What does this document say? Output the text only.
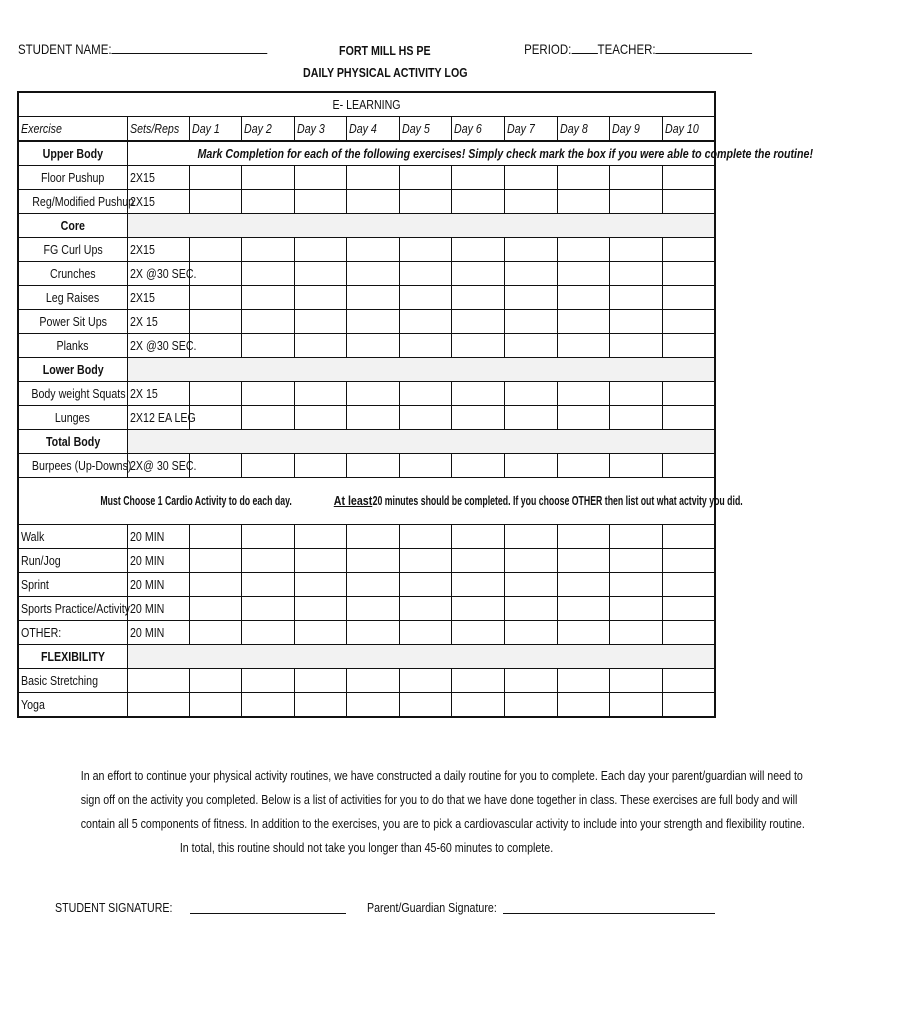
STUDENT NAME:	FORT MILL HS PE
DAILY PHYSICAL ACTIVITY LOG
PERIOD: TEACHER:
E- LEARNING											
Exercise	Sets/Reps	Day 1	Day 2	Day 3	Day 4	Day 5	Day 6	Day 7	Day 8	Day 9	Day 10
Upper Body	Mark Completion for each of the following exercises! Simply check mark the box if you were able to complete the routine!										
Floor Pushup	2X15										
Reg/Modified Pushup	2X15										
Core											
FG Curl Ups	2X15										
Crunches	2X @30 SEC.										
Leg Raises	2X15										
Power Sit Ups	2X 15										
Planks	2X @30 SEC.										
Lower Body											
Body weight Squats	2X 15										
Lunges	2X12 EA LEG										
Total Body											
Burpees (Up-Downs)	2X@ 30 SEC.										
Must Choose 1 Cardio Activity to do each day. At least20 minutes should be completed. If you choose OTHER then list out what actvity you did.											
Walk	20 MIN										
Run/Jog	20 MIN										
Sprint	20 MIN										
Sports Practice/Activity	20 MIN										
OTHER:	20 MIN										
FLEXIBILITY											
Basic Stretching											
Yoga											
In an effort to continue your physical activity routines, we have constructed a daily routine for you to complete. Each day your parent/guardian will need to
sign off on the activity you completed. Below is a list of activities for you to do that we have done together in class. These exercises are full body and will
contain all 5 components of fitness. In addition to the exercises, you are to pick a cardiovascular activity to include into your strength and flexibility routine.
In total, this routine should not take you longer than 45-60 minutes to complete.
STUDENT SIGNATURE:	Parent/Guardian Signature:
